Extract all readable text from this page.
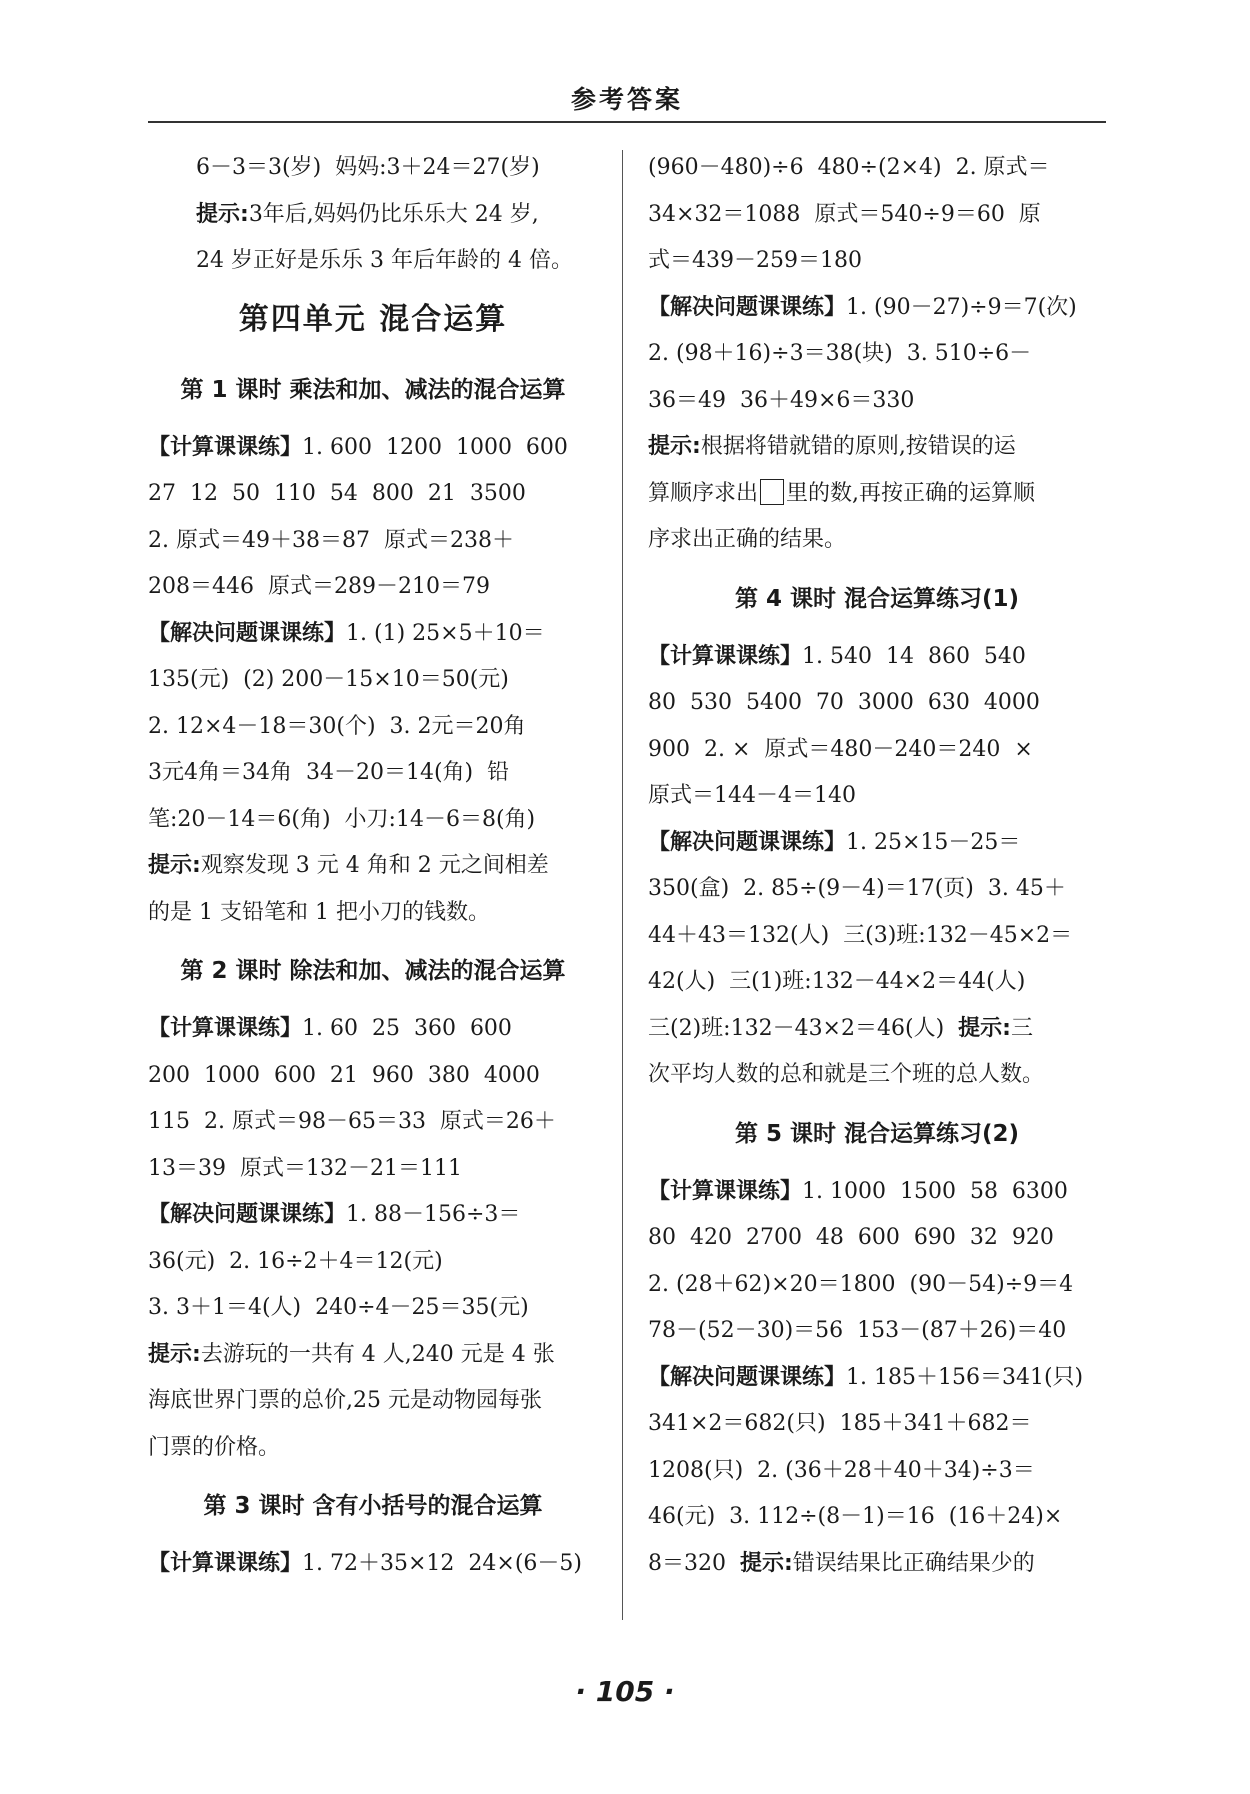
参考答案
6－3＝3(岁)  妈妈:3＋24＝27(岁)
提示:3年后,妈妈仍比乐乐大 24 岁,
24 岁正好是乐乐 3 年后年龄的 4 倍。
第四单元 混合运算
第 1 课时 乘法和加、减法的混合运算
【计算课课练】1. 600  1200  1000  600
27  12  50  110  54  800  21  3500
2. 原式＝49＋38＝87  原式＝238＋
208＝446  原式＝289－210＝79
【解决问题课课练】1. (1) 25×5＋10＝
135(元)  (2) 200－15×10＝50(元)
2. 12×4－18＝30(个)  3. 2元＝20角
3元4角＝34角  34－20＝14(角)  铅
笔:20－14＝6(角)  小刀:14－6＝8(角)
提示:观察发现 3 元 4 角和 2 元之间相差
的是 1 支铅笔和 1 把小刀的钱数。
第 2 课时 除法和加、减法的混合运算
【计算课课练】1. 60  25  360  600
200  1000  600  21  960  380  4000
115  2. 原式＝98－65＝33  原式＝26＋
13＝39  原式＝132－21＝111
【解决问题课课练】1. 88－156÷3＝
36(元)  2. 16÷2＋4＝12(元)
3. 3＋1＝4(人)  240÷4－25＝35(元)
提示:去游玩的一共有 4 人,240 元是 4 张
海底世界门票的总价,25 元是动物园每张
门票的价格。
第 3 课时 含有小括号的混合运算
【计算课课练】1. 72＋35×12  24×(6－5)
(960－480)÷6  480÷(2×4)  2. 原式＝
34×32＝1088  原式＝540÷9＝60  原
式＝439－259＝180
【解决问题课课练】1. (90－27)÷9＝7(次)
2. (98＋16)÷3＝38(块)  3. 510÷6－
36＝49  36＋49×6＝330
提示:根据将错就错的原则,按错误的运
算顺序求出 里的数,再按正确的运算顺
序求出正确的结果。
第 4 课时 混合运算练习(1)
【计算课课练】1. 540  14  860  540
80  530  5400  70  3000  630  4000
900  2. ×  原式＝480－240＝240  ×
原式＝144－4＝140
【解决问题课课练】1. 25×15－25＝
350(盒)  2. 85÷(9－4)＝17(页)  3. 45＋
44＋43＝132(人)  三(3)班:132－45×2＝
42(人)  三(1)班:132－44×2＝44(人)
三(2)班:132－43×2＝46(人)  提示:三
次平均人数的总和就是三个班的总人数。
第 5 课时 混合运算练习(2)
【计算课课练】1. 1000  1500  58  6300
80  420  2700  48  600  690  32  920
2. (28＋62)×20＝1800  (90－54)÷9＝4
78－(52－30)＝56  153－(87＋26)＝40
【解决问题课课练】1. 185＋156＝341(只)
341×2＝682(只)  185＋341＋682＝
1208(只)  2. (36＋28＋40＋34)÷3＝
46(元)  3. 112÷(8－1)＝16  (16＋24)×
8＝320  提示:错误结果比正确结果少的
· 105 ·
